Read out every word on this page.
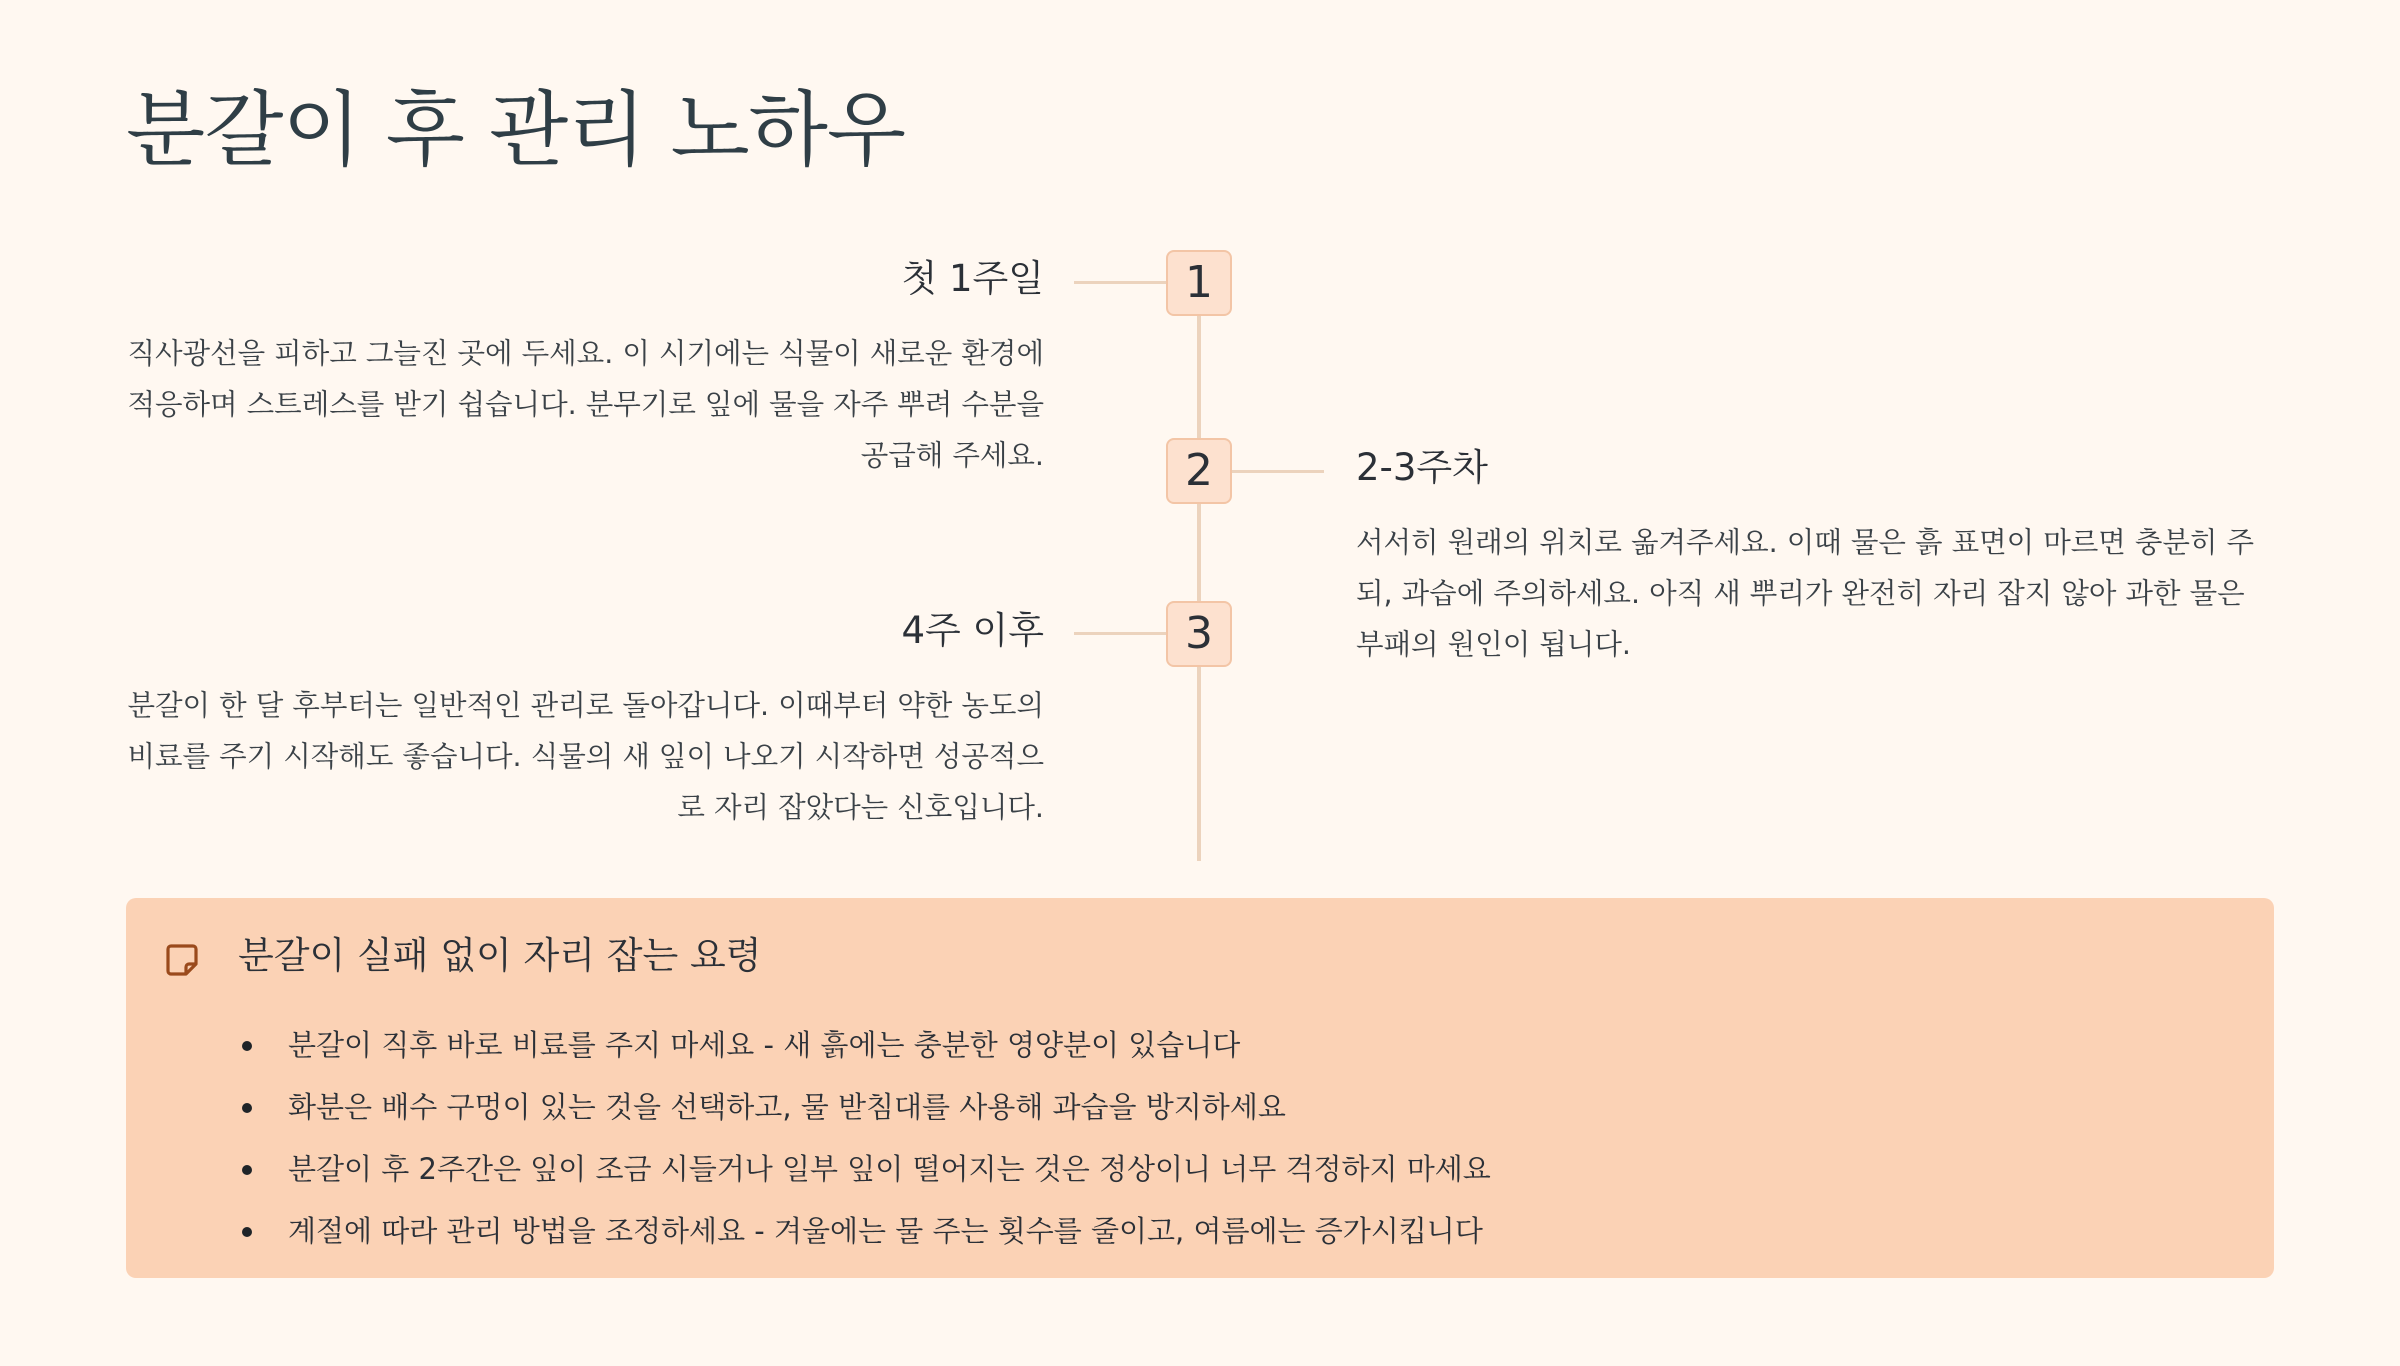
분갈이 후 관리 노하우
1
첫 1주일

직사광선을 피하고 그늘진 곳에 두세요. 이 시기에는 식물이 새로운 환경에 적응하며 스트레스를 받기 쉽습니다. 분무기로 잎에 물을 자주 뿌려 수분을 공급해 주세요.	2	2-3주차

서서히 원래의 위치로 옮겨주세요. 이때 물은 흙 표면이 마르면 충분히 주되, 과습에 주의하세요. 아직 새 뿌리가 완전히 자리 잡지 않아 과한 물은 부패의 원인이 됩니다.

3
4주 이후

분갈이 한 달 후부터는 일반적인 관리로 돌아갑니다. 이때부터 약한 농도의 비료를 주기 시작해도 좋습니다. 식물의 새 잎이 나오기 시작하면 성공적으로 자리 잡았다는 신호입니다.

분갈이 실패 없이 자리 잡는 요령
분갈이 직후 바로 비료를 주지 마세요 - 새 흙에는 충분한 영양분이 있습니다
화분은 배수 구멍이 있는 것을 선택하고, 물 받침대를 사용해 과습을 방지하세요
분갈이 후 2주간은 잎이 조금 시들거나 일부 잎이 떨어지는 것은 정상이니 너무 걱정하지 마세요
계절에 따라 관리 방법을 조정하세요 - 겨울에는 물 주는 횟수를 줄이고, 여름에는 증가시킵니다
